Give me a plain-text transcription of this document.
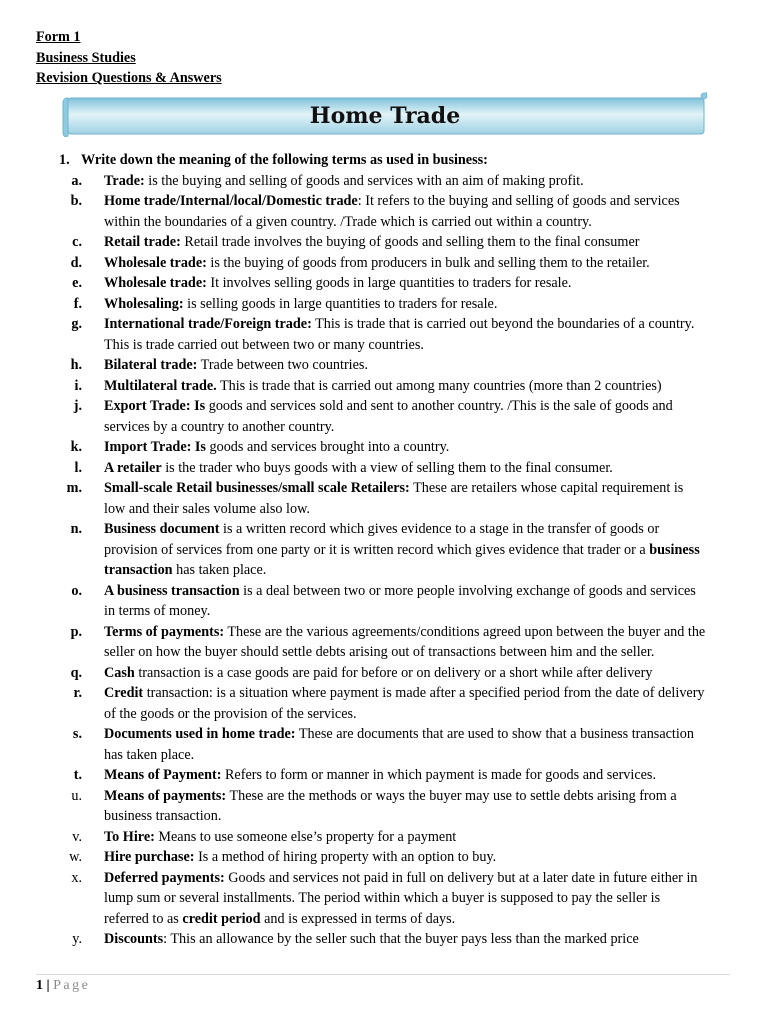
Form 1
Business Studies
Revision Questions & Answers
Home Trade
1. Write down the meaning of the following terms as used in business:
a.	Trade: is the buying and selling of goods and services with an aim of making profit.
b.	Home trade/Internal/local/Domestic trade: It refers to the buying and selling of goods and services within the boundaries of a given country. /Trade which is carried out within a country.
c.	Retail trade: Retail trade involves the buying of goods and selling them to the final consumer
d.	Wholesale trade: is the buying of goods from producers in bulk and selling them to the retailer.
e.	Wholesale trade: It involves selling goods in large quantities to traders for resale.
f.	Wholesaling: is selling goods in large quantities to traders for resale.
g.	International trade/Foreign trade: This is trade that is carried out beyond the boundaries of a country. This is trade carried out between two or many countries.
h.	Bilateral trade: Trade between two countries.
i.	Multilateral trade. This is trade that is carried out among many countries (more than 2 countries)
j.	Export Trade: Is goods and services sold and sent to another country. /This is the sale of goods and services by a country to another country.
k.	Import Trade: Is goods and services brought into a country.
l.	A retailer is the trader who buys goods with a view of selling them to the final consumer.
m.	Small-scale Retail businesses/small scale Retailers: These are retailers whose capital requirement is low and their sales volume also low.
n.	Business document is a written record which gives evidence to a stage in the transfer of goods or provision of services from one party or it is written record which gives evidence that trader or a business transaction has taken place.
o.	A business transaction is a deal between two or more people involving exchange of goods and services in terms of money.
p.	Terms of payments: These are the various agreements/conditions agreed upon between the buyer and the seller on how the buyer should settle debts arising out of transactions between him and the seller.
q.	Cash transaction is a case goods are paid for before or on delivery or a short while after delivery
r.	Credit transaction: is a situation where payment is made after a specified period from the date of delivery of the goods or the provision of the services.
s.	Documents used in home trade: These are documents that are used to show that a business transaction has taken place.
t.	Means of Payment: Refers to form or manner in which payment is made for goods and services.
u.	Means of payments: These are the methods or ways the buyer may use to settle debts arising from a business transaction.
v.	To Hire: Means to use someone else’s property for a payment
w.	Hire purchase: Is a method of hiring property with an option to buy.
x.	Deferred payments: Goods and services not paid in full on delivery but at a later date in future either in lump sum or several installments. The period within which a buyer is supposed to pay the seller is referred to as credit period and is expressed in terms of days.
y.	Discounts: This an allowance by the seller such that the buyer pays less than the marked price
1 | Page
